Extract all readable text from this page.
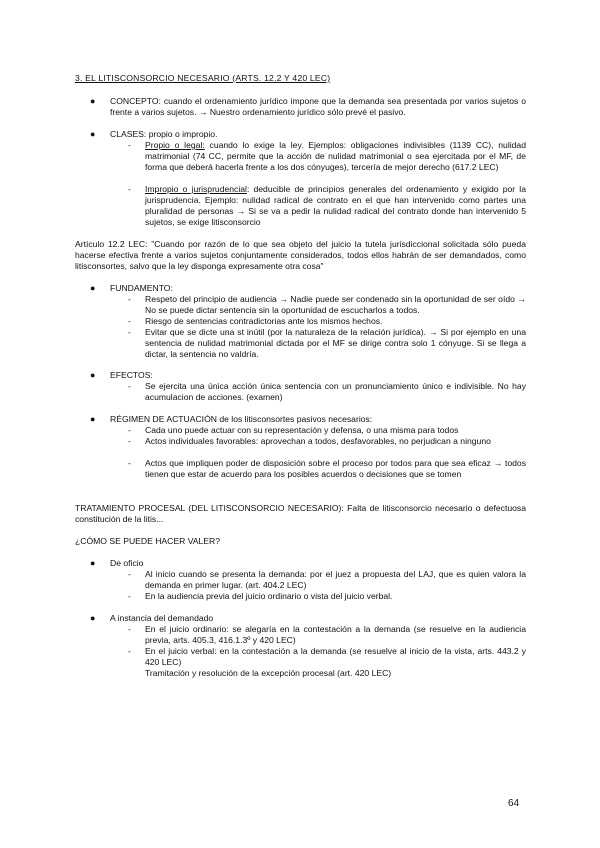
3. EL LITISCONSORCIO NECESARIO (ARTS. 12.2 Y 420 LEC)
●	CONCEPTO: cuando el ordenamiento jurídico impone que la demanda sea presentada por varios sujetos o frente a varios sujetos. → Nuestro ordenamiento jurídico sólo prevé el pasivo.
●	CLASES: propio o impropio.
-	Propio o legal: cuando lo exige la ley. Ejemplos: obligaciones indivisibles (1139 CC), nulidad matrimonial (74 CC, permite que la acción de nulidad matrimonial o sea ejercitada por el MF, de forma que deberá hacerla frente a los dos cónyuges), tercería de mejor derecho (617.2 LEC)
-	Impropio o jurisprudencial: deducible de principios generales del ordenamiento y exigido por la jurisprudencia. Ejemplo: nulidad radical de contrato en el que han intervenido como partes una pluralidad de personas → Si se va a pedir la nulidad radical del contrato donde han intervenido 5 sujetos, se exige litisconsorcio
Artículo 12.2 LEC: "Cuando por razón de lo que sea objeto del juicio la tutela jurisdiccional solicitada sólo pueda hacerse efectiva frente a varios sujetos conjuntamente considerados, todos ellos habrán de ser demandados, como litisconsortes, salvo que la ley disponga expresamente otra cosa"
●	FUNDAMENTO:
-	Respeto del principio de audiencia → Nadie puede ser condenado sin la oportunidad de ser oído → No se puede dictar sentencia sin la oportunidad de escucharlos a todos.
-	Riesgo de sentencias contradictorias ante los mismos hechos.
-	Evitar que se dicte una st inútil (por la naturaleza de la relación jurídica). → Si por ejemplo en una sentencia de nulidad matrimonial dictada por el MF se dirige contra solo 1 cónyuge. Si se llega a dictar, la sentencia no valdría.
●	EFECTOS:
-	Se ejercita una única acción única sentencia con un pronunciamiento único e indivisible. No hay acumulacion de acciones. (examen)
●	RÉGIMEN DE ACTUACIÓN de los litisconsortes pasivos necesarios:
-	Cada uno puede actuar con su representación y defensa, o una misma para todos
-	Actos individuales favorables: aprovechan a todos, desfavorables, no perjudican a ninguno
-	Actos que impliquen poder de disposición sobre el proceso por todos para que sea eficaz → todos tienen que estar de acuerdo para los posibles acuerdos o decisiones que se tomen
TRATAMIENTO PROCESAL (DEL LITISCONSORCIO NECESARIO): Falta de litisconsorcio necesario o defectuosa constitución de la litis...
¿CÓMO SE PUEDE HACER VALER?
●	De oficio
-	Al inicio cuando se presenta la demanda: por el juez a propuesta del LAJ, que es quien valora la demanda en primer lugar. (art. 404.2 LEC)
-	En la audiencia previa del juicio ordinario o vista del juicio verbal.
●	A instancia del demandado
-	En el juicio ordinario: se alegaría en la contestación a la demanda (se resuelve en la audiencia previa, arts. 405.3, 416.1.3º y 420 LEC)
-	En el juicio verbal: en la contestación a la demanda (se resuelve al inicio de la vista, arts. 443.2 y 420 LEC)
Tramitación y resolución de la excepción procesal (art. 420 LEC)
64
